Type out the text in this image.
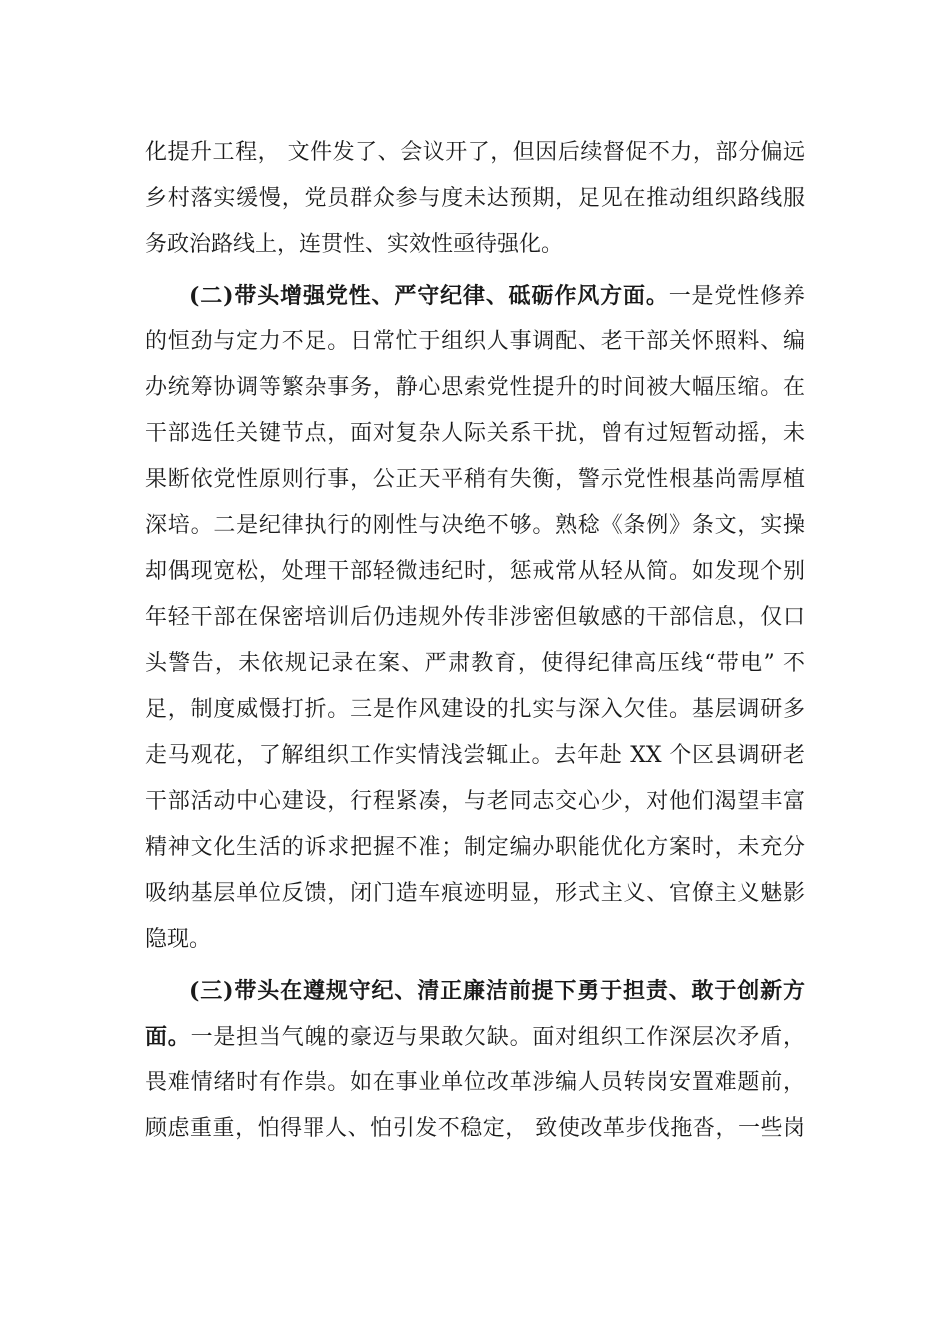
化提升工程， 文件发了、会议开了，但因后续督促不力，部分偏远
乡村落实缓慢，党员群众参与度未达预期，足见在推动组织路线服
务政治路线上，连贯性、实效性亟待强化。
(二)带头增强党性、严守纪律、砥砺作风方面。一是党性修养
的恒劲与定力不足。日常忙于组织人事调配、老干部关怀照料、编
办统筹协调等繁杂事务，静心思索党性提升的时间被大幅压缩。在
干部选任关键节点，面对复杂人际关系干扰，曾有过短暂动摇，未
果断依党性原则行事，公正天平稍有失衡，警示党性根基尚需厚植
深培。二是纪律执行的刚性与决绝不够。熟稔《条例》条文，实操
却偶现宽松，处理干部轻微违纪时，惩戒常从轻从简。如发现个别
年轻干部在保密培训后仍违规外传非涉密但敏感的干部信息，仅口
头警告，未依规记录在案、严肃教育，使得纪律高压线“带电” 不
足，制度威慑打折。三是作风建设的扎实与深入欠佳。基层调研多
走马观花，了解组织工作实情浅尝辄止。去年赴 XX 个区县调研老
干部活动中心建设，行程紧凑，与老同志交心少，对他们渴望丰富
精神文化生活的诉求把握不准；制定编办职能优化方案时，未充分
吸纳基层单位反馈，闭门造车痕迹明显，形式主义、官僚主义魅影
隐现。
(三)带头在遵规守纪、清正廉洁前提下勇于担责、敢于创新方
面。一是担当气魄的豪迈与果敢欠缺。面对组织工作深层次矛盾，
畏难情绪时有作祟。如在事业单位改革涉编人员转岗安置难题前，
顾虑重重，怕得罪人、怕引发不稳定， 致使改革步伐拖沓，一些岗
